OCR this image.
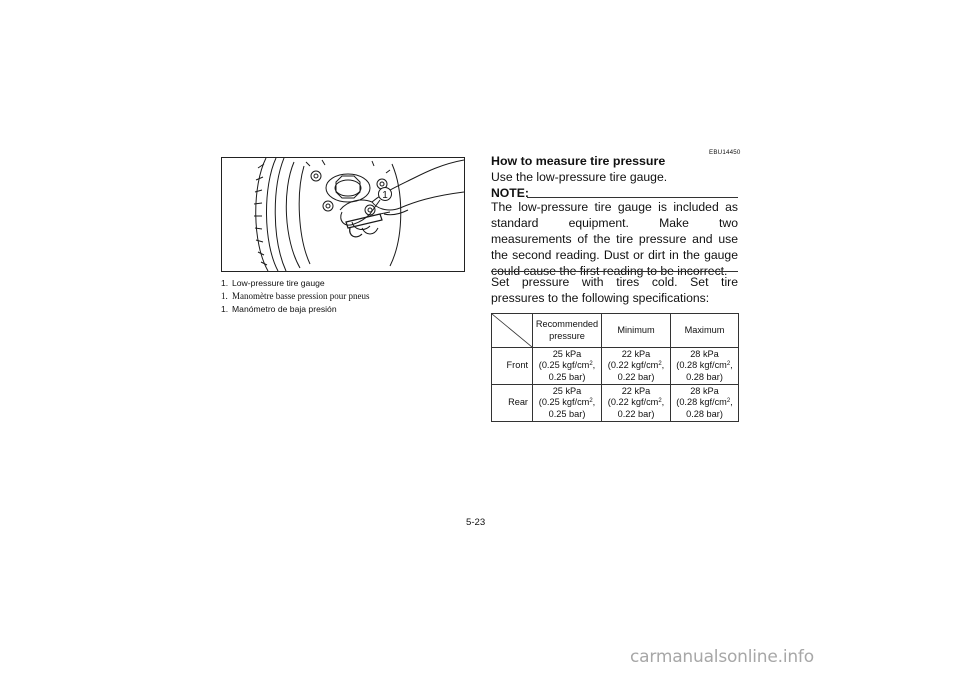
1
1. Low-pressure tire gauge
1. Manomètre basse pression pour pneus
1. Manómetro de baja presión
EBU14450
How to measure tire pressure
Use the low-pressure tire gauge.
NOTE:
The low-pressure tire gauge is included as standard equipment. Make two measurements of the tire pressure and use the second reading. Dust or dirt in the gauge could cause the first reading to be incorrect.
Set pressure with tires cold. Set tire pressures to the following specifications:
	Recommended pressure	Minimum	Maximum
Front	25 kPa
(0.25 kgf/$cm^2$,
0.25 bar)	22 kPa
(0.22 kgf/$cm^2$,
0.22 bar)	28 kPa
(0.28 kgf/$cm^2$,
0.28 bar)
Rear	25 kPa
(0.25 kgf/$cm^2$,
0.25 bar)	22 kPa
(0.22 kgf/$cm^2$,
0.22 bar)	28 kPa
(0.28 kgf/$cm^2$,
0.28 bar)
5-23
carmanualsonline.info
